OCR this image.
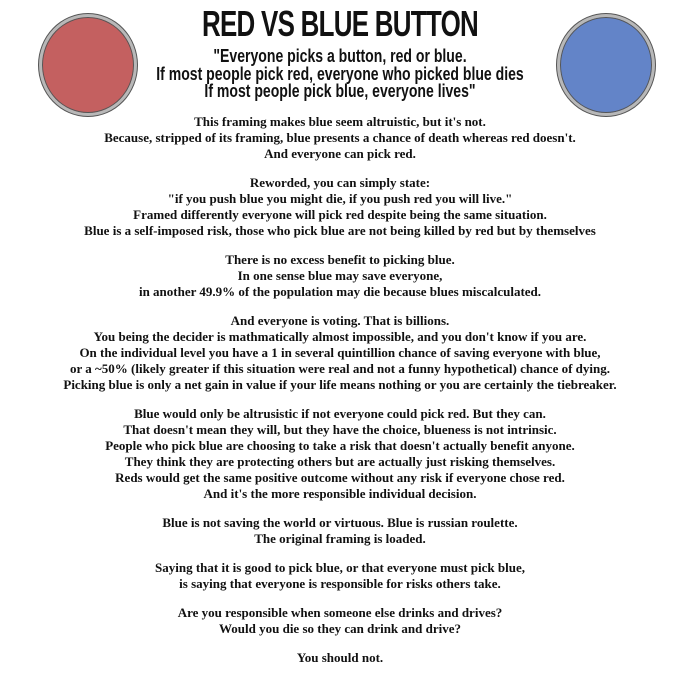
RED VS BLUE BUTTON
"Everyone picks a button, red or blue.
If most people pick red, everyone who picked blue dies
If most people pick blue, everyone lives"

This framing makes blue seem altruistic, but it's not.
Because, stripped of its framing, blue presents a chance of death whereas red doesn't.
And everyone can pick red.

Reworded, you can simply state:
"if you push blue you might die, if you push red you will live."
Framed differently everyone will pick red despite being the same situation.
Blue is a self-imposed risk, those who pick blue are not being killed by red but by themselves

There is no excess benefit to picking blue.
In one sense blue may save everyone,
in another 49.9% of the population may die because blues miscalculated.

And everyone is voting. That is billions.
You being the decider is mathmatically almost impossible, and you don't know if you are.
On the individual level you have a 1 in several quintillion chance of saving everyone with blue,
or a ~50% (likely greater if this situation were real and not a funny hypothetical) chance of dying.
Picking blue is only a net gain in value if your life means nothing or you are certainly the tiebreaker.

Blue would only be altrusistic if not everyone could pick red. But they can.
That doesn't mean they will, but they have the choice, blueness is not intrinsic.
People who pick blue are choosing to take a risk that doesn't actually benefit anyone.
They think they are protecting others but are actually just risking themselves.
Reds would get the same positive outcome without any risk if everyone chose red.
And it's the more responsible individual decision.

Blue is not saving the world or virtuous. Blue is russian roulette.
The original framing is loaded.

Saying that it is good to pick blue, or that everyone must pick blue,
is saying that everyone is responsible for risks others take.

Are you responsible when someone else drinks and drives?
Would you die so they can drink and drive?

You should not.
